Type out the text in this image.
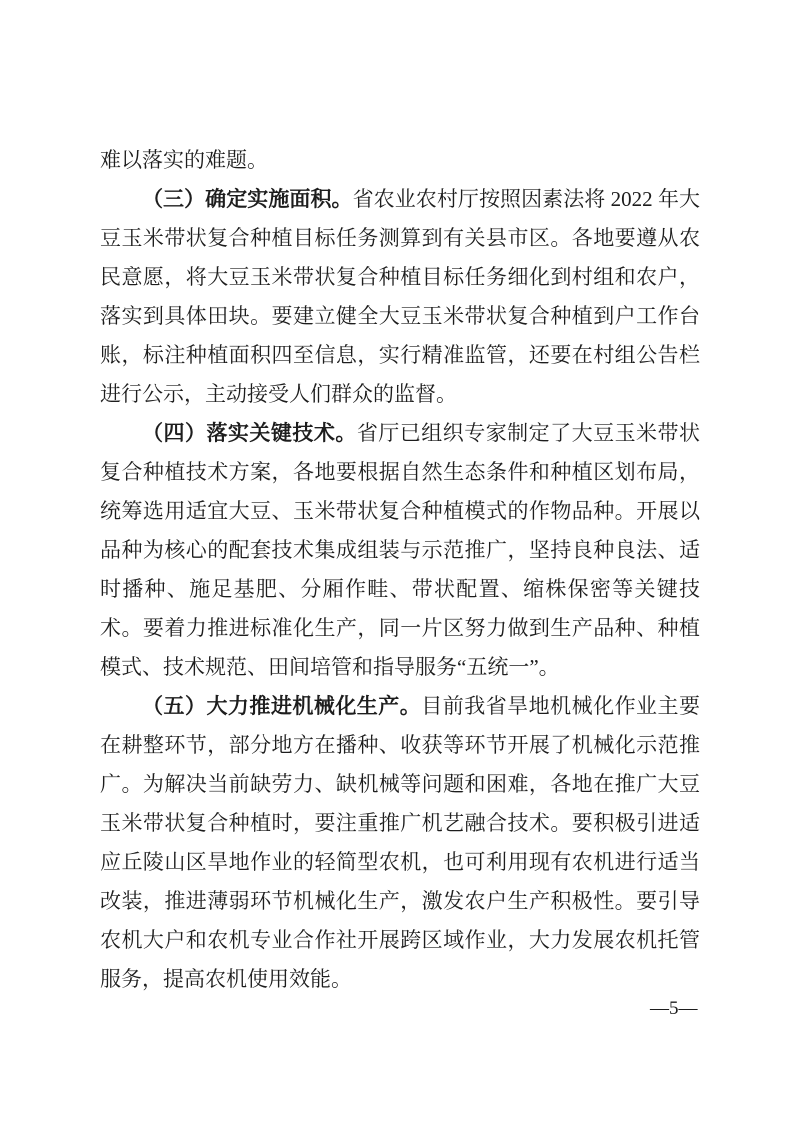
难以落实的难题。

（三）确定实施面积。省农业农村厅按照因素法将 2022 年大豆玉米带状复合种植目标任务测算到有关县市区。各地要遵从农民意愿，将大豆玉米带状复合种植目标任务细化到村组和农户，落实到具体田块。要建立健全大豆玉米带状复合种植到户工作台账，标注种植面积四至信息，实行精准监管，还要在村组公告栏进行公示，主动接受人们群众的监督。

（四）落实关键技术。省厅已组织专家制定了大豆玉米带状复合种植技术方案，各地要根据自然生态条件和种植区划布局，统筹选用适宜大豆、玉米带状复合种植模式的作物品种。开展以品种为核心的配套技术集成组装与示范推广，坚持良种良法、适时播种、施足基肥、分厢作畦、带状配置、缩株保密等关键技术。要着力推进标准化生产，同一片区努力做到生产品种、种植模式、技术规范、田间培管和指导服务“五统一”。

（五）大力推进机械化生产。目前我省旱地机械化作业主要在耕整环节，部分地方在播种、收获等环节开展了机械化示范推广。为解决当前缺劳力、缺机械等问题和困难，各地在推广大豆玉米带状复合种植时，要注重推广机艺融合技术。要积极引进适应丘陵山区旱地作业的轻简型农机，也可利用现有农机进行适当改装，推进薄弱环节机械化生产，激发农户生产积极性。要引导农机大户和农机专业合作社开展跨区域作业，大力发展农机托管服务，提高农机使用效能。

—5—
